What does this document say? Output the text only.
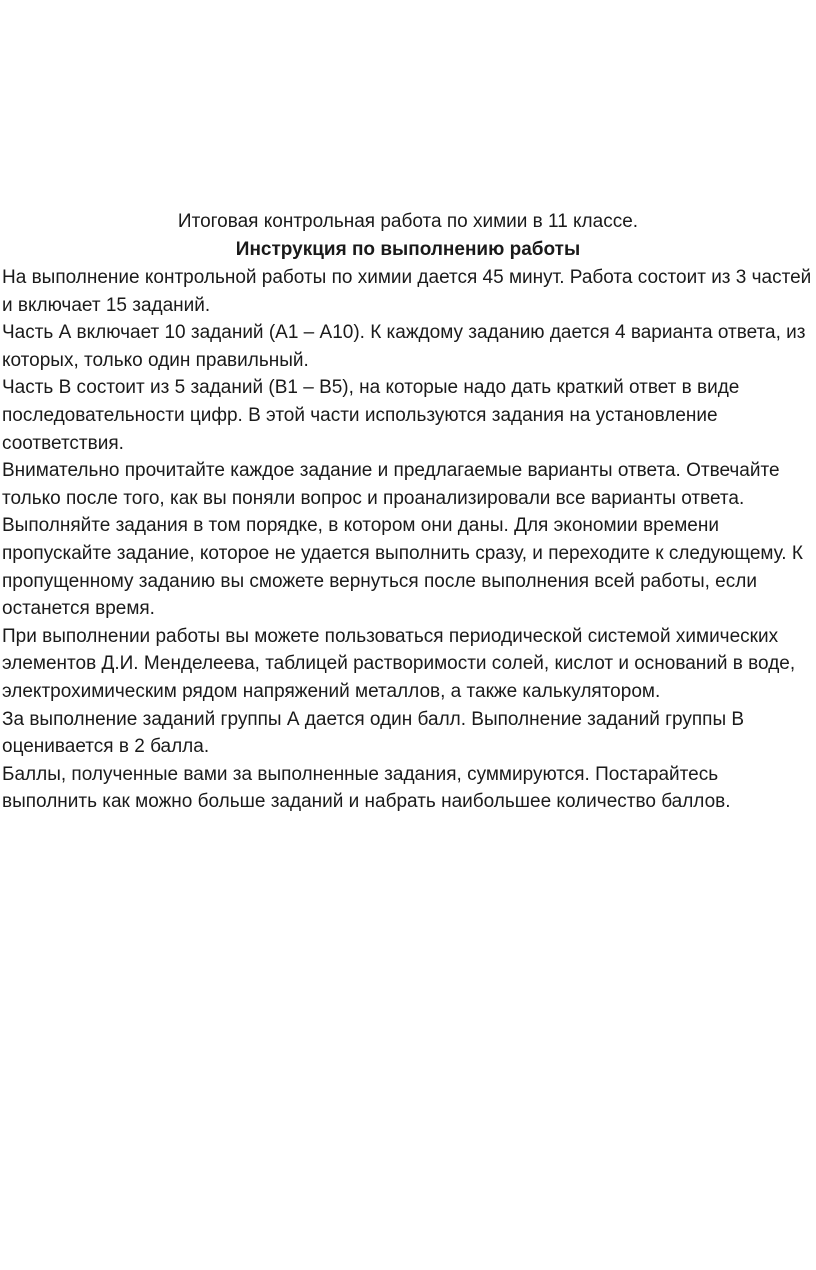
Итоговая контрольная работа по химии в 11 классе.

Инструкция по выполнению работы

На выполнение контрольной работы по химии дается 45 минут. Работа состоит из 3 частей и включает 15 заданий.

Часть А включает 10 заданий (А1 – А10). К каждому заданию дается 4 варианта ответа, из которых, только один правильный.

Часть В состоит из 5 заданий (В1 – В5), на которые надо дать краткий ответ в виде последовательности цифр. В этой части используются задания на установление соответствия.

Внимательно прочитайте каждое задание и предлагаемые варианты ответа. Отвечайте только после того, как вы поняли вопрос и проанализировали все варианты ответа.

Выполняйте задания в том порядке, в котором они даны. Для экономии времени пропускайте задание, которое не удается выполнить сразу, и переходите к следующему. К пропущенному заданию вы сможете вернуться после выполнения всей работы, если останется время.

При выполнении работы вы можете пользоваться периодической системой химических элементов Д.И. Менделеева, таблицей растворимости солей, кислот и оснований в воде, электрохимическим рядом напряжений металлов, а также калькулятором.

За выполнение заданий группы А дается один балл. Выполнение заданий группы В оценивается в 2 балла.

Баллы, полученные вами за выполненные задания, суммируются. Постарайтесь выполнить как можно больше заданий и набрать наибольшее количество баллов.
